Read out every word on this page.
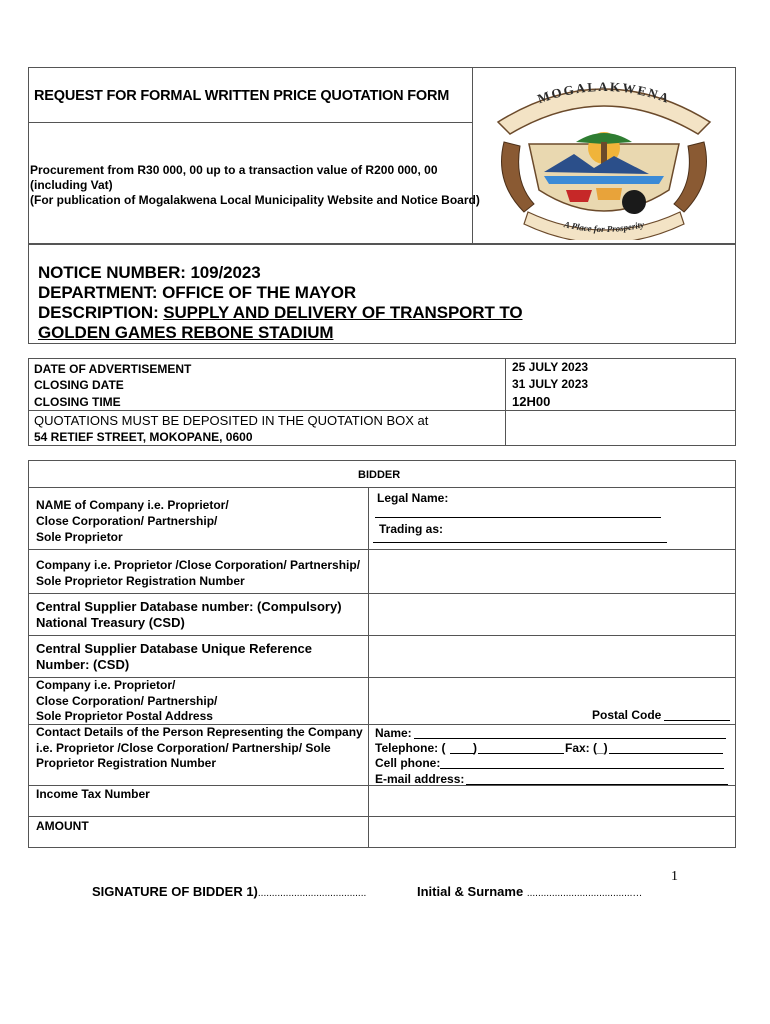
REQUEST FOR FORMAL WRITTEN PRICE QUOTATION FORM
Procurement from R30 000, 00 up to a transaction value of R200 000, 00
(including Vat)
(For publication of Mogalakwena Local Municipality Website and Notice Board)
MOGALAKWENA
A Place for Prosperity
NOTICE NUMBER: 109/2023
DEPARTMENT: OFFICE OF THE MAYOR
DESCRIPTION: SUPPLY AND DELIVERY OF TRANSPORT TO
GOLDEN GAMES REBONE STADIUM
DATE OF ADVERTISEMENT	25 JULY 2023
CLOSING DATE	31 JULY 2023
CLOSING TIME	12H00
QUOTATIONS MUST BE DEPOSITED IN THE QUOTATION BOX at
54 RETIEF STREET, MOKOPANE, 0600
BIDDER
NAME of Company i.e. Proprietor/
Close Corporation/ Partnership/
Sole Proprietor
Legal Name:
Trading as:
Company i.e. Proprietor /Close Corporation/ Partnership/
Sole Proprietor Registration Number
Central Supplier Database number: (Compulsory)
National Treasury (CSD)
Central Supplier Database Unique Reference
Number: (CSD)
Company i.e. Proprietor/
Close Corporation/ Partnership/
Sole Proprietor Postal Address	Postal Code
Contact Details of the Person Representing the Company
i.e. Proprietor /Close Corporation/ Partnership/ Sole
Proprietor Registration Number
Name:
Telephone: ( )	Fax: (_)
Cell phone:
E-mail address:
Income Tax Number
AMOUNT
1
SIGNATURE OF BIDDER 1).......................................	Initial & Surname ......................................…
